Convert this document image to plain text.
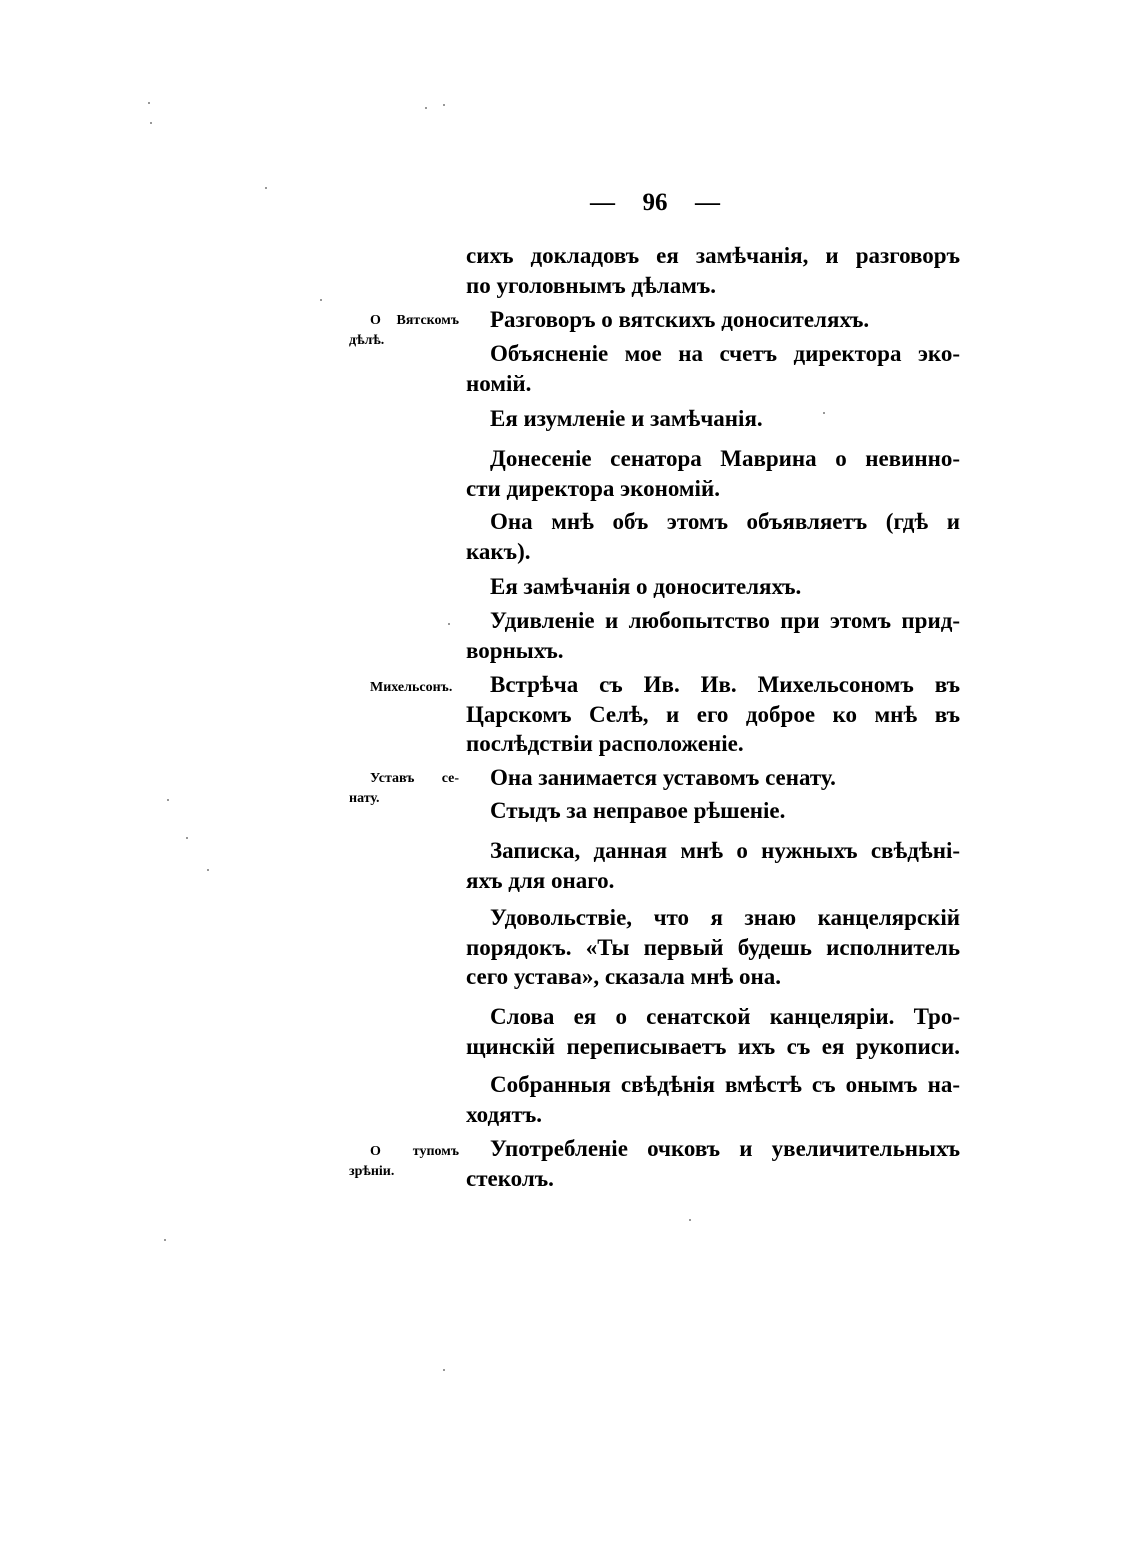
— 96 —
О Вятскомъ
дѣлѣ.
Михельсонъ.
Уставъ се-
нату.
О тупомъ
зрѣніи.
сихъ докладовъ ея замѣчанія, и разговоръ
по уголовнымъ дѣламъ.
Разговоръ о вятскихъ доносителяхъ.
Объясненіе мое на счетъ директора эко-
номій.
Ея изумленіе и замѣчанія.
Донесеніе сенатора Маврина о невинно-
сти директора экономій.
Она мнѣ объ этомъ объявляетъ (гдѣ и
какъ).
Ея замѣчанія о доносителяхъ.
Удивленіе и любопытство при этомъ прид-
ворныхъ.
Встрѣча съ Ив. Ив. Михельсономъ въ
Царскомъ Селѣ, и его доброе ко мнѣ въ
послѣдствіи расположеніе.
Она занимается уставомъ сенату.
Стыдъ за неправое рѣшеніе.
Записка, данная мнѣ о нужныхъ свѣдѣні-
яхъ для онаго.
Удовольствіе, что я знаю канцелярскій
порядокъ. «Ты первый будешь исполнитель
сего устава», сказала мнѣ она.
Слова ея о сенатской канцеляріи. Тро-
щинскій переписываетъ ихъ съ ея рукописи.
Собранныя свѣдѣнія вмѣстѣ съ онымъ на-
ходятъ.
Употребленіе очковъ и увеличительныхъ
стеколъ.
